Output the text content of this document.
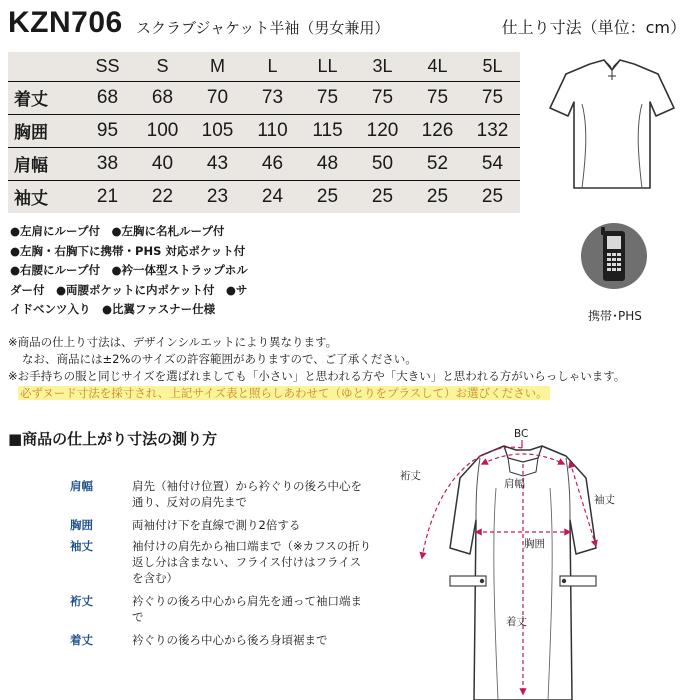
KZN706 スクラブジャケット半袖（男女兼用）	仕上り寸法（単位：cm）
	SS	S	M	L	LL	3L	4L	5L
着丈	68	68	70	73	75	75	75	75
胸囲	95	100	105	110	115	120	126	132
肩幅	38	40	43	46	48	50	52	54
袖丈	21	22	23	24	25	25	25	25
携帯･PHS
●左肩にループ付　●左胸に名札ループ付
●左胸・右胸下に携帯・PHS 対応ポケット付
●右腰にループ付　●衿一体型ストラップホル
ダー付　●両腰ポケットに内ポケット付　●サ
イドベンツ入り　●比翼ファスナー仕様
※商品の仕上り寸法は、デザインシルエットにより異なります。
なお、商品には±2%のサイズの許容範囲がありますので、ご了承ください。
※お手持ちの服と同じサイズを選ばれましても「小さい」と思われる方や「大きい」と思われる方がいらっしゃいます。
必ずヌード寸法を採寸され、上記サイズ表と照らしあわせて（ゆとりをプラスして）お選びください。
■商品の仕上がり寸法の測り方
肩幅	肩先（袖付け位置）から衿ぐりの後ろ中心を通り、反対の肩先まで
胸囲	両袖付け下を直線で測り2倍する
袖丈	袖付けの肩先から袖口端まで（※カフスの折り返し分は含まない、フライス付けはフライスを含む）
裄丈	衿ぐりの後ろ中心から肩先を通って袖口端まで
着丈	衿ぐりの後ろ中心から後ろ身頃裾まで
BC
裄丈
肩幅
袖丈
胸囲
着丈
